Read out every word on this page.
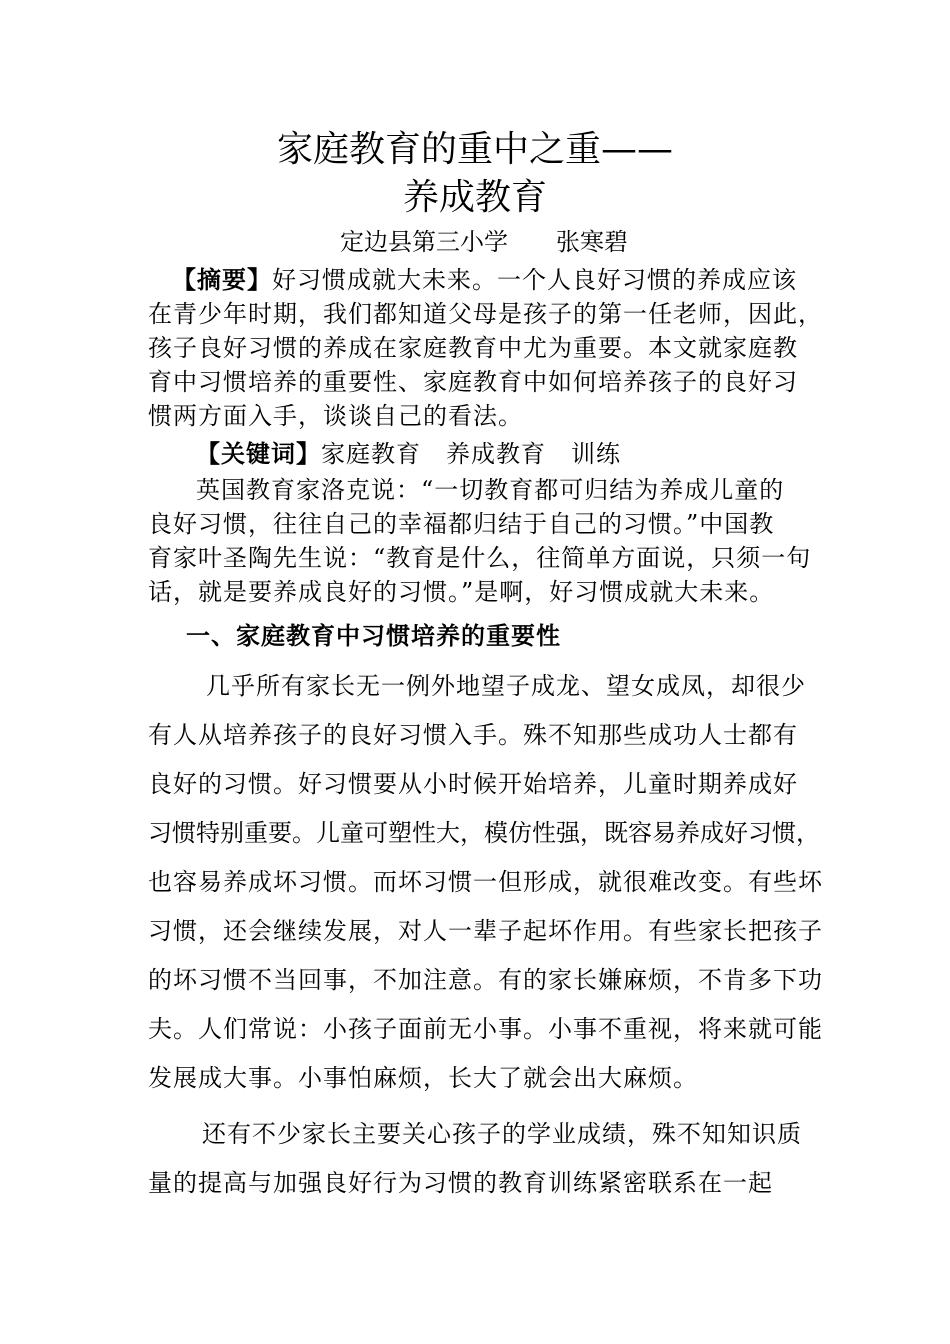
家庭教育的重中之重——
养成教育
定边县第三小学　　张寒碧
【摘要】好习惯成就大未来。一个人良好习惯的养成应该
在青少年时期，我们都知道父母是孩子的第一任老师，因此，
孩子良好习惯的养成在家庭教育中尤为重要。本文就家庭教
育中习惯培养的重要性、家庭教育中如何培养孩子的良好习
惯两方面入手，谈谈自己的看法。
【关键词】家庭教育　养成教育　训练
英国教育家洛克说：“一切教育都可归结为养成儿童的
良好习惯，往往自己的幸福都归结于自己的习惯。”中国教
育家叶圣陶先生说：“教育是什么，往简单方面说，只须一句
话，就是要养成良好的习惯。”是啊，好习惯成就大未来。
一、家庭教育中习惯培养的重要性
几乎所有家长无一例外地望子成龙、望女成凤，却很少
有人从培养孩子的良好习惯入手。殊不知那些成功人士都有
良好的习惯。好习惯要从小时候开始培养，儿童时期养成好
习惯特别重要。儿童可塑性大，模仿性强，既容易养成好习惯，
也容易养成坏习惯。而坏习惯一但形成，就很难改变。有些坏
习惯，还会继续发展，对人一辈子起坏作用。有些家长把孩子
的坏习惯不当回事，不加注意。有的家长嫌麻烦，不肯多下功
夫。人们常说：小孩子面前无小事。小事不重视，将来就可能
发展成大事。小事怕麻烦，长大了就会出大麻烦。
还有不少家长主要关心孩子的学业成绩，殊不知知识质
量的提高与加强良好行为习惯的教育训练紧密联系在一起
